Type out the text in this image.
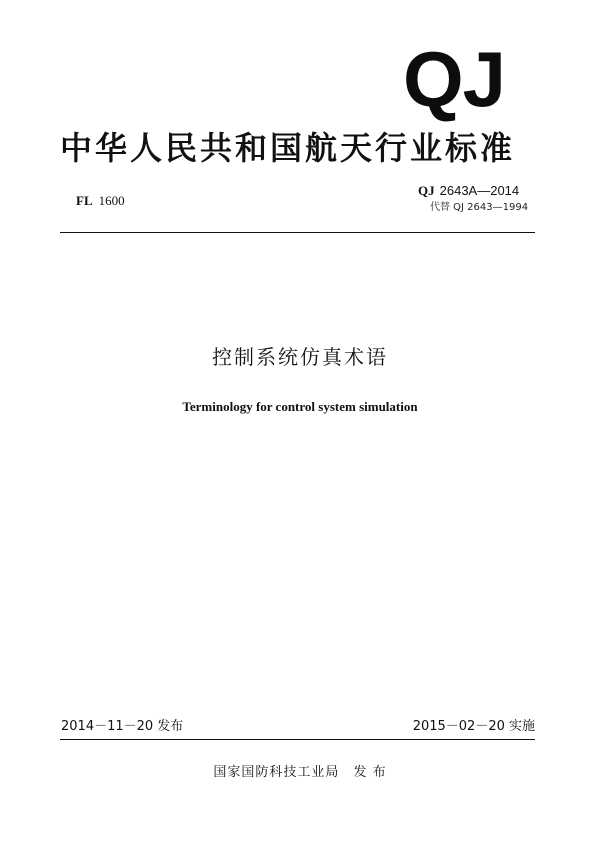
QJ
中华人民共和国航天行业标准
FL 1600
QJ 2643A—2014
代替 QJ 2643—1994
控制系统仿真术语
Terminology for control system simulation
2014－11－20 发布	2015－02－20 实施
国家国防科技工业局 发 布
